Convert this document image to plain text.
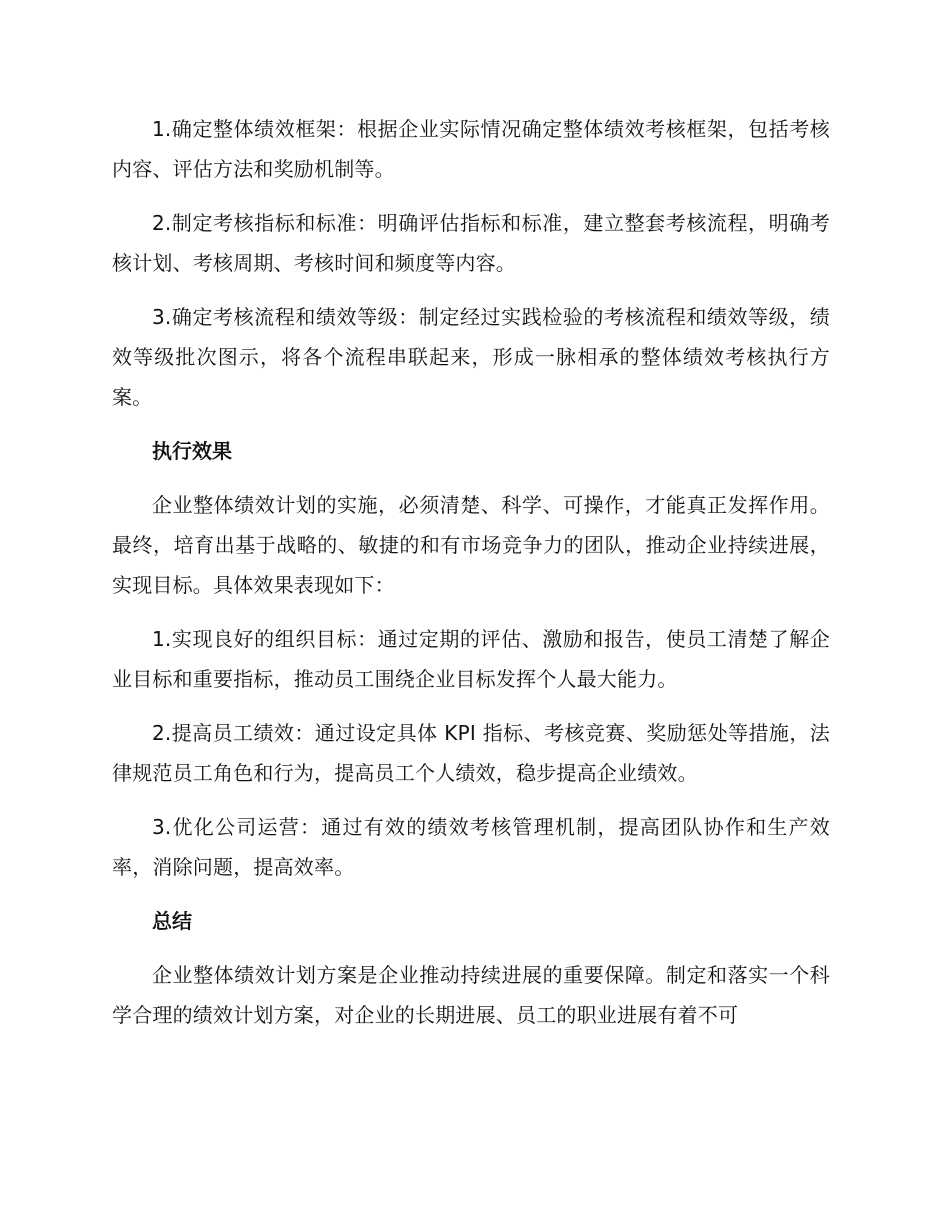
1.确定整体绩效框架：根据企业实际情况确定整体绩效考核框架，包括考核内容、评估方法和奖励机制等。

2.制定考核指标和标准：明确评估指标和标准，建立整套考核流程，明确考核计划、考核周期、考核时间和频度等内容。

3.确定考核流程和绩效等级：制定经过实践检验的考核流程和绩效等级，绩效等级批次图示，将各个流程串联起来，形成一脉相承的整体绩效考核执行方案。

执行效果

企业整体绩效计划的实施，必须清楚、科学、可操作，才能真正发挥作用。最终，培育出基于战略的、敏捷的和有市场竞争力的团队，推动企业持续进展，实现目标。具体效果表现如下：

1.实现良好的组织目标：通过定期的评估、激励和报告，使员工清楚了解企业目标和重要指标，推动员工围绕企业目标发挥个人最大能力。

2.提高员工绩效：通过设定具体 KPI 指标、考核竞赛、奖励惩处等措施，法律规范员工角色和行为，提高员工个人绩效，稳步提高企业绩效。

3.优化公司运营：通过有效的绩效考核管理机制，提高团队协作和生产效率，消除问题，提高效率。

总结

企业整体绩效计划方案是企业推动持续进展的重要保障。制定和落实一个科学合理的绩效计划方案，对企业的长期进展、员工的职业进展有着不可
